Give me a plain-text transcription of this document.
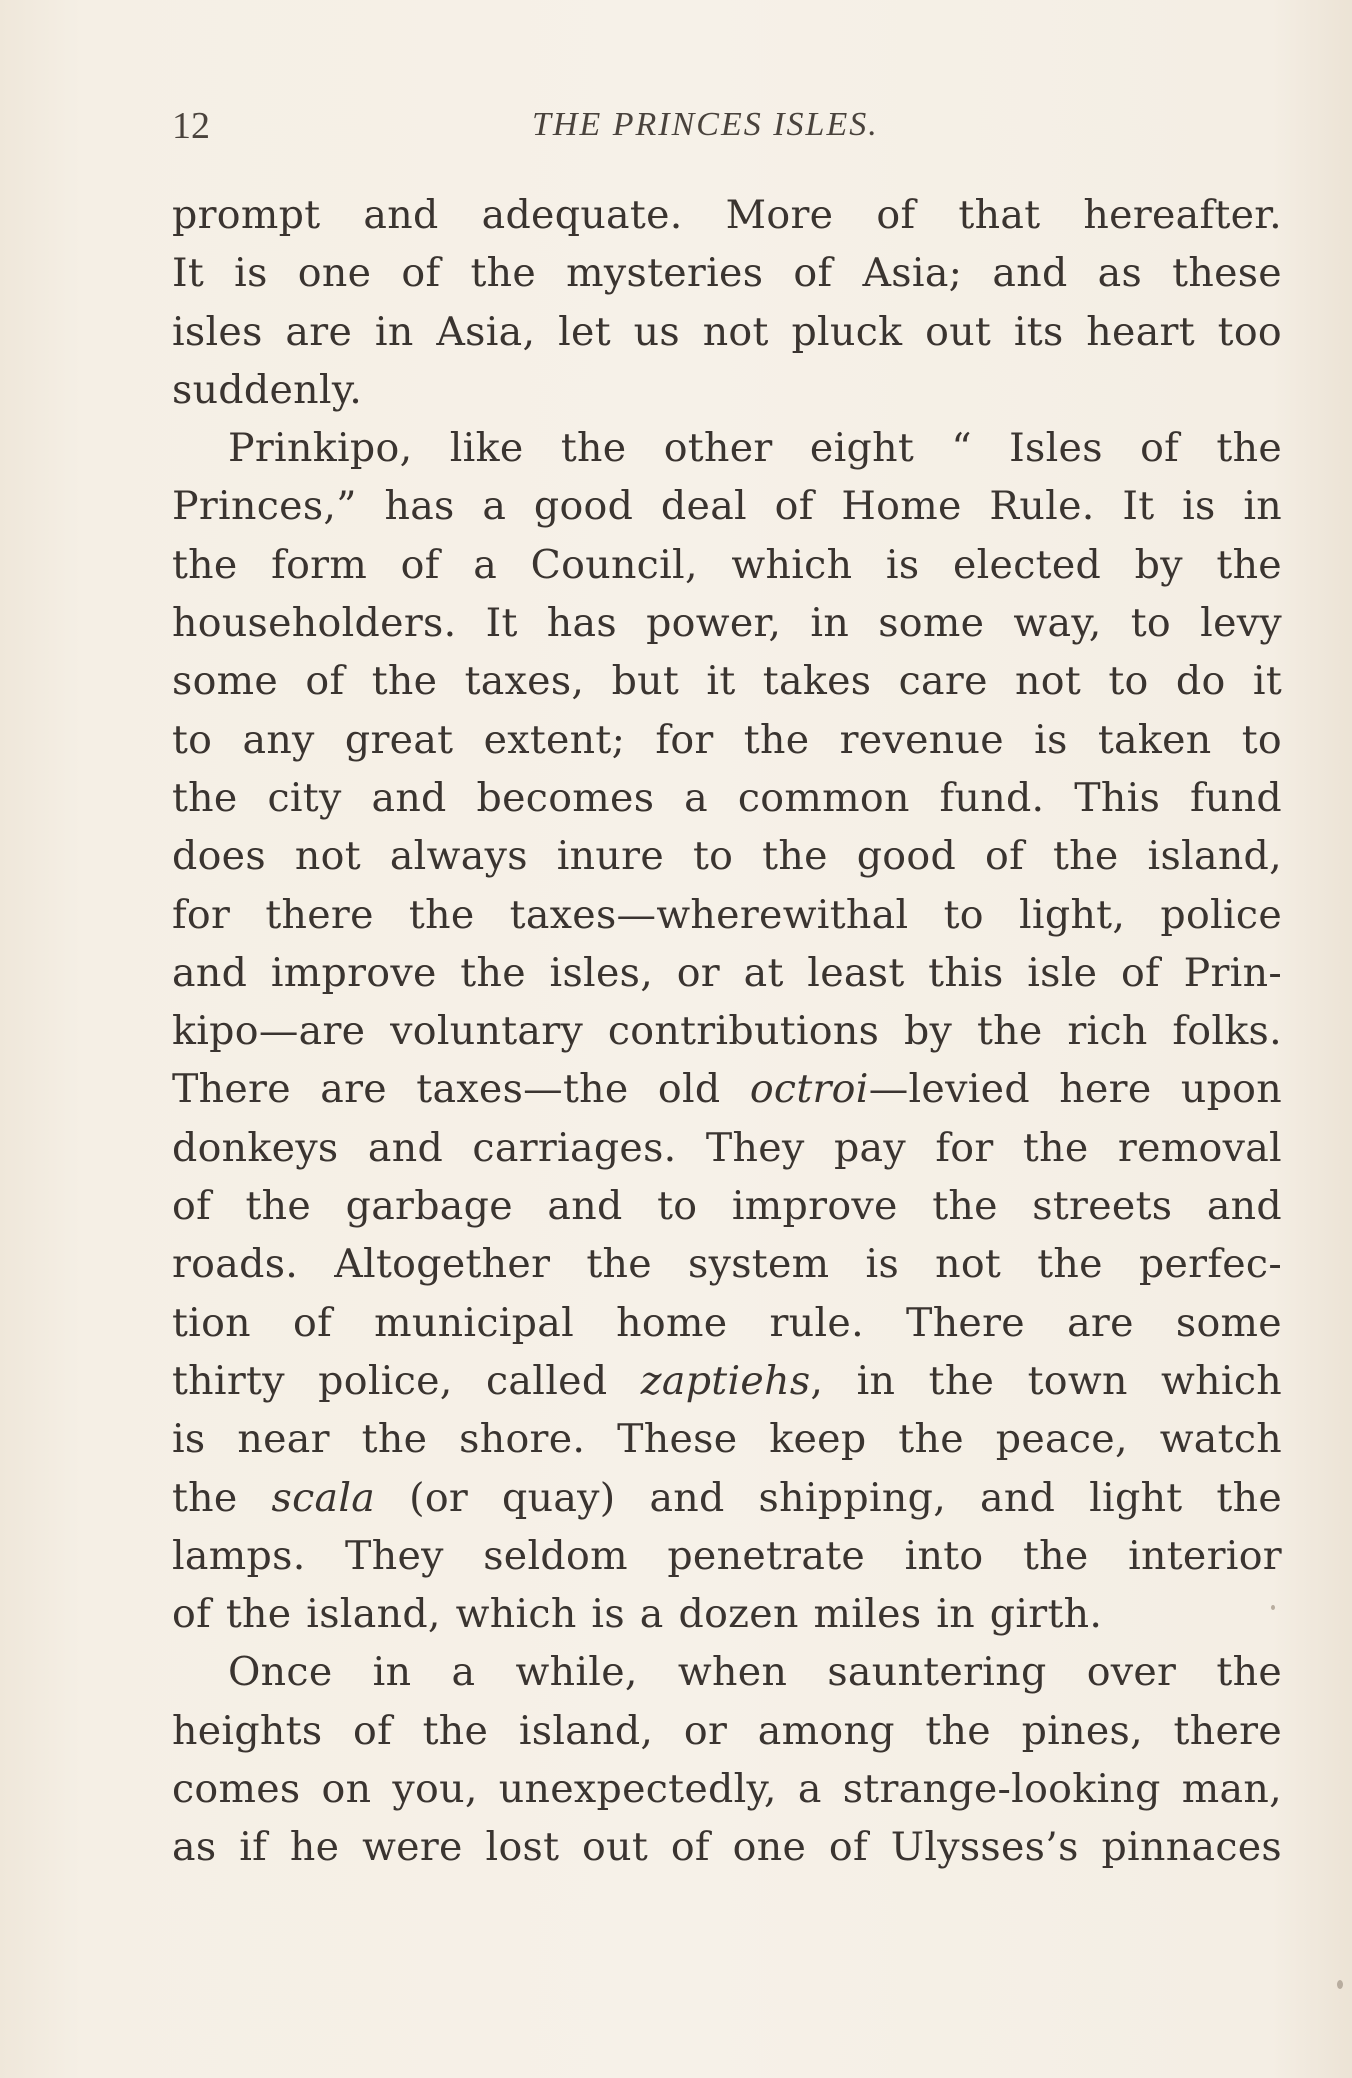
12	THE PRINCES ISLES.
prompt and adequate. More of that hereafter.
It is one of the mysteries of Asia; and as these
isles are in Asia, let us not pluck out its heart too
suddenly.
Prinkipo, like the other eight “ Isles of the
Princes,” has a good deal of Home Rule. It is in
the form of a Council, which is elected by the
householders. It has power, in some way, to levy
some of the taxes, but it takes care not to do it
to any great extent; for the revenue is taken to
the city and becomes a common fund. This fund
does not always inure to the good of the island,
for there the taxes—wherewithal to light, police
and improve the isles, or at least this isle of Prin-
kipo—are voluntary contributions by the rich folks.
There are taxes—the old octroi—levied here upon
donkeys and carriages. They pay for the removal
of the garbage and to improve the streets and
roads. Altogether the system is not the perfec-
tion of municipal home rule. There are some
thirty police, called zaptiehs, in the town which
is near the shore. These keep the peace, watch
the scala (or quay) and shipping, and light the
lamps. They seldom penetrate into the interior
of the island, which is a dozen miles in girth.
Once in a while, when sauntering over the
heights of the island, or among the pines, there
comes on you, unexpectedly, a strange-looking man,
as if he were lost out of one of Ulysses’s pinnaces
